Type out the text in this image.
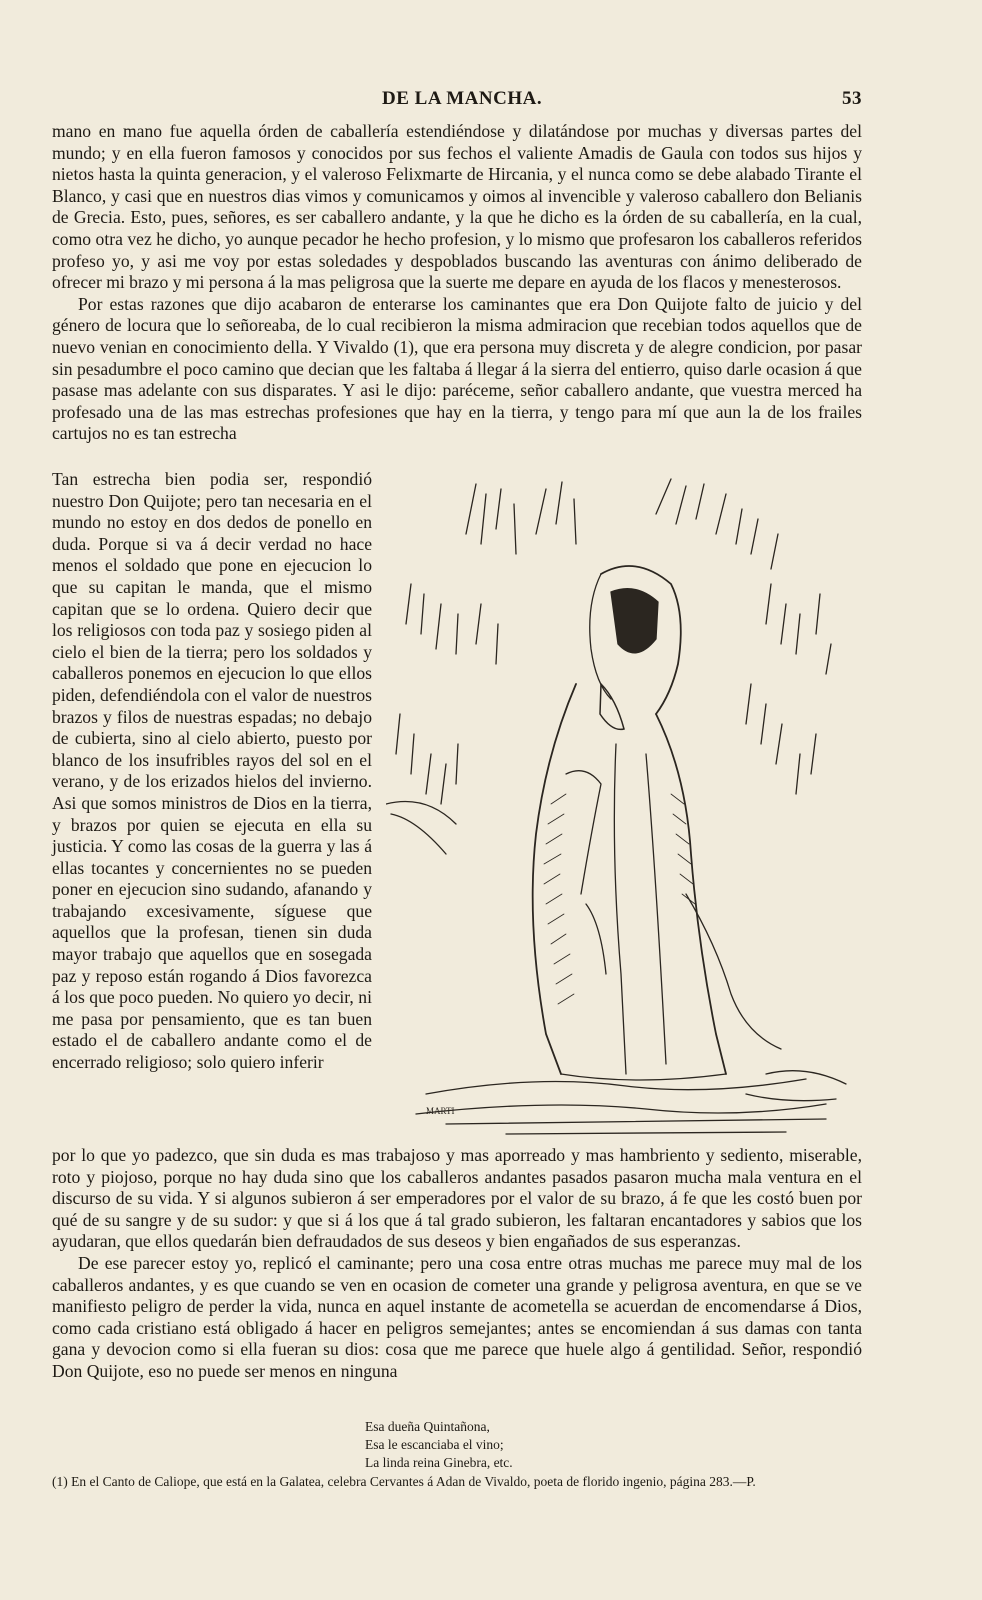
DE LA MANCHA.	53

mano en mano fue aquella órden de caballería estendiéndose y dilatándose por muchas y diversas partes del mundo; y en ella fueron famosos y conocidos por sus fechos el valiente Amadis de Gaula con todos sus hijos y nietos hasta la quinta generacion, y el valeroso Felixmarte de Hircania, y el nunca como se debe alabado Tirante el Blanco, y casi que en nuestros dias vimos y comunicamos y oimos al invencible y valeroso caballero don Belianis de Grecia. Esto, pues, señores, es ser caballero andante, y la que he dicho es la órden de su caballería, en la cual, como otra vez he dicho, yo aunque pecador he hecho profesion, y lo mismo que profesaron los caballeros referidos profeso yo, y asi me voy por estas soledades y despoblados buscando las aventuras con ánimo deliberado de ofrecer mi brazo y mi persona á la mas peligrosa que la suerte me depare en ayuda de los flacos y menesterosos.

Por estas razones que dijo acabaron de enterarse los caminantes que era Don Quijote falto de juicio y del género de locura que lo señoreaba, de lo cual recibieron la misma admiracion que recebian todos aquellos que de nuevo venian en conocimiento della. Y Vivaldo (1), que era persona muy discreta y de alegre condicion, por pasar sin pesadumbre el poco camino que decian que les faltaba á llegar á la sierra del entierro, quiso darle ocasion á que pasase mas adelante con sus disparates. Y asi le dijo: paréceme, señor caballero andante, que vuestra merced ha profesado una de las mas estrechas profesiones que hay en la tierra, y tengo para mí que aun la de los frailes cartujos no es tan estrecha

Tan estrecha bien podia ser, respondió nuestro Don Quijote; pero tan necesaria en el mundo no estoy en dos dedos de ponello en duda. Porque si va á decir verdad no hace menos el soldado que pone en ejecucion lo que su capitan le manda, que el mismo capitan que se lo ordena. Quiero decir que los religiosos con toda paz y sosiego piden al cielo el bien de la tierra; pero los soldados y caballeros ponemos en ejecucion lo que ellos piden, defendiéndola con el valor de nuestros brazos y filos de nuestras espadas; no debajo de cubierta, sino al cielo abierto, puesto por blanco de los insufribles rayos del sol en el verano, y de los erizados hielos del invierno. Asi que somos ministros de Dios en la tierra, y brazos por quien se ejecuta en ella su justicia. Y como las cosas de la guerra y las á ellas tocantes y concernientes no se pueden poner en ejecucion sino sudando, afanando y trabajando excesivamente, síguese que aquellos que la profesan, tienen sin duda mayor trabajo que aquellos que en sosegada paz y reposo están rogando á Dios favorezca á los que poco pueden. No quiero yo decir, ni me pasa por pensamiento, que es tan buen estado el de caballero andante como el de encerrado religioso; solo quiero inferir

MARTI

por lo que yo padezco, que sin duda es mas trabajoso y mas aporreado y mas hambriento y sediento, miserable, roto y piojoso, porque no hay duda sino que los caballeros andantes pasados pasaron mucha mala ventura en el discurso de su vida. Y si algunos subieron á ser emperadores por el valor de su brazo, á fe que les costó buen por qué de su sangre y de su sudor: y que si á los que á tal grado subieron, les faltaran encantadores y sabios que los ayudaran, que ellos quedarán bien defraudados de sus deseos y bien engañados de sus esperanzas.

De ese parecer estoy yo, replicó el caminante; pero una cosa entre otras muchas me parece muy mal de los caballeros andantes, y es que cuando se ven en ocasion de cometer una grande y peligrosa aventura, en que se ve manifiesto peligro de perder la vida, nunca en aquel instante de acometella se acuerdan de encomendarse á Dios, como cada cristiano está obligado á hacer en peligros semejantes; antes se encomiendan á sus damas con tanta gana y devocion como si ella fueran su dios: cosa que me parece que huele algo á gentilidad. Señor, respondió Don Quijote, eso no puede ser menos en ninguna

Esa dueña Quintañona,
Esa le escanciaba el vino;
La linda reina Ginebra, etc.

(1) En el Canto de Caliope, que está en la Galatea, celebra Cervantes á Adan de Vivaldo, poeta de florido ingenio, página 283.—P.
